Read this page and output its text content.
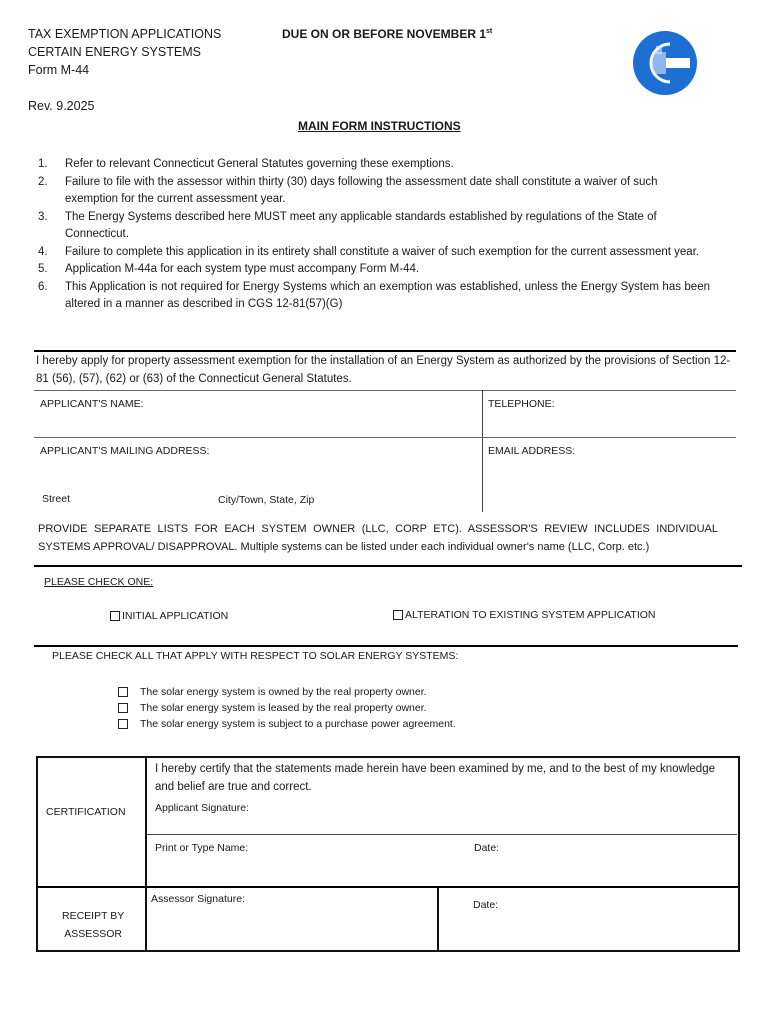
TAX EXEMPTION APPLICATIONS
CERTAIN ENERGY SYSTEMS
Form M-44
DUE ON OR BEFORE NOVEMBER 1st
Rev. 9.2025
MAIN FORM INSTRUCTIONS
1. Refer to relevant Connecticut General Statutes governing these exemptions.
2. Failure to file with the assessor within thirty (30) days following the assessment date shall constitute a waiver of such exemption for the current assessment year.
3. The Energy Systems described here MUST meet any applicable standards established by regulations of the State of Connecticut.
4. Failure to complete this application in its entirety shall constitute a waiver of such exemption for the current assessment year.
5. Application M-44a for each system type must accompany Form M-44.
6. This Application is not required for Energy Systems which an exemption was established, unless the Energy System has been altered in a manner as described in CGS 12-81(57)(G)
I hereby apply for property assessment exemption for the installation of an Energy System as authorized by the provisions of Section 12-81 (56), (57), (62) or (63) of the Connecticut General Statutes.
APPLICANT'S NAME:	TELEPHONE:
APPLICANT'S MAILING ADDRESS:	EMAIL ADDRESS:
Street	City/Town, State, Zip
PROVIDE SEPARATE LISTS FOR EACH SYSTEM OWNER (LLC, CORP ETC). ASSESSOR'S REVIEW INCLUDES INDIVIDUAL SYSTEMS APPROVAL/ DISAPPROVAL. Multiple systems can be listed under each individual owner's name (LLC, Corp. etc.)
PLEASE CHECK ONE:
INITIAL APPLICATION	ALTERATION TO EXISTING SYSTEM APPLICATION
PLEASE CHECK ALL THAT APPLY WITH RESPECT TO SOLAR ENERGY SYSTEMS:
The solar energy system is owned by the real property owner.
The solar energy system is leased by the real property owner.
The solar energy system is subject to a purchase power agreement.
CERTIFICATION
I hereby certify that the statements made herein have been examined by me, and to the best of my knowledge and belief are true and correct.
Applicant Signature:
Print or Type Name:	Date:
RECEIPT BY
ASSESSOR
Assessor Signature:	Date:
